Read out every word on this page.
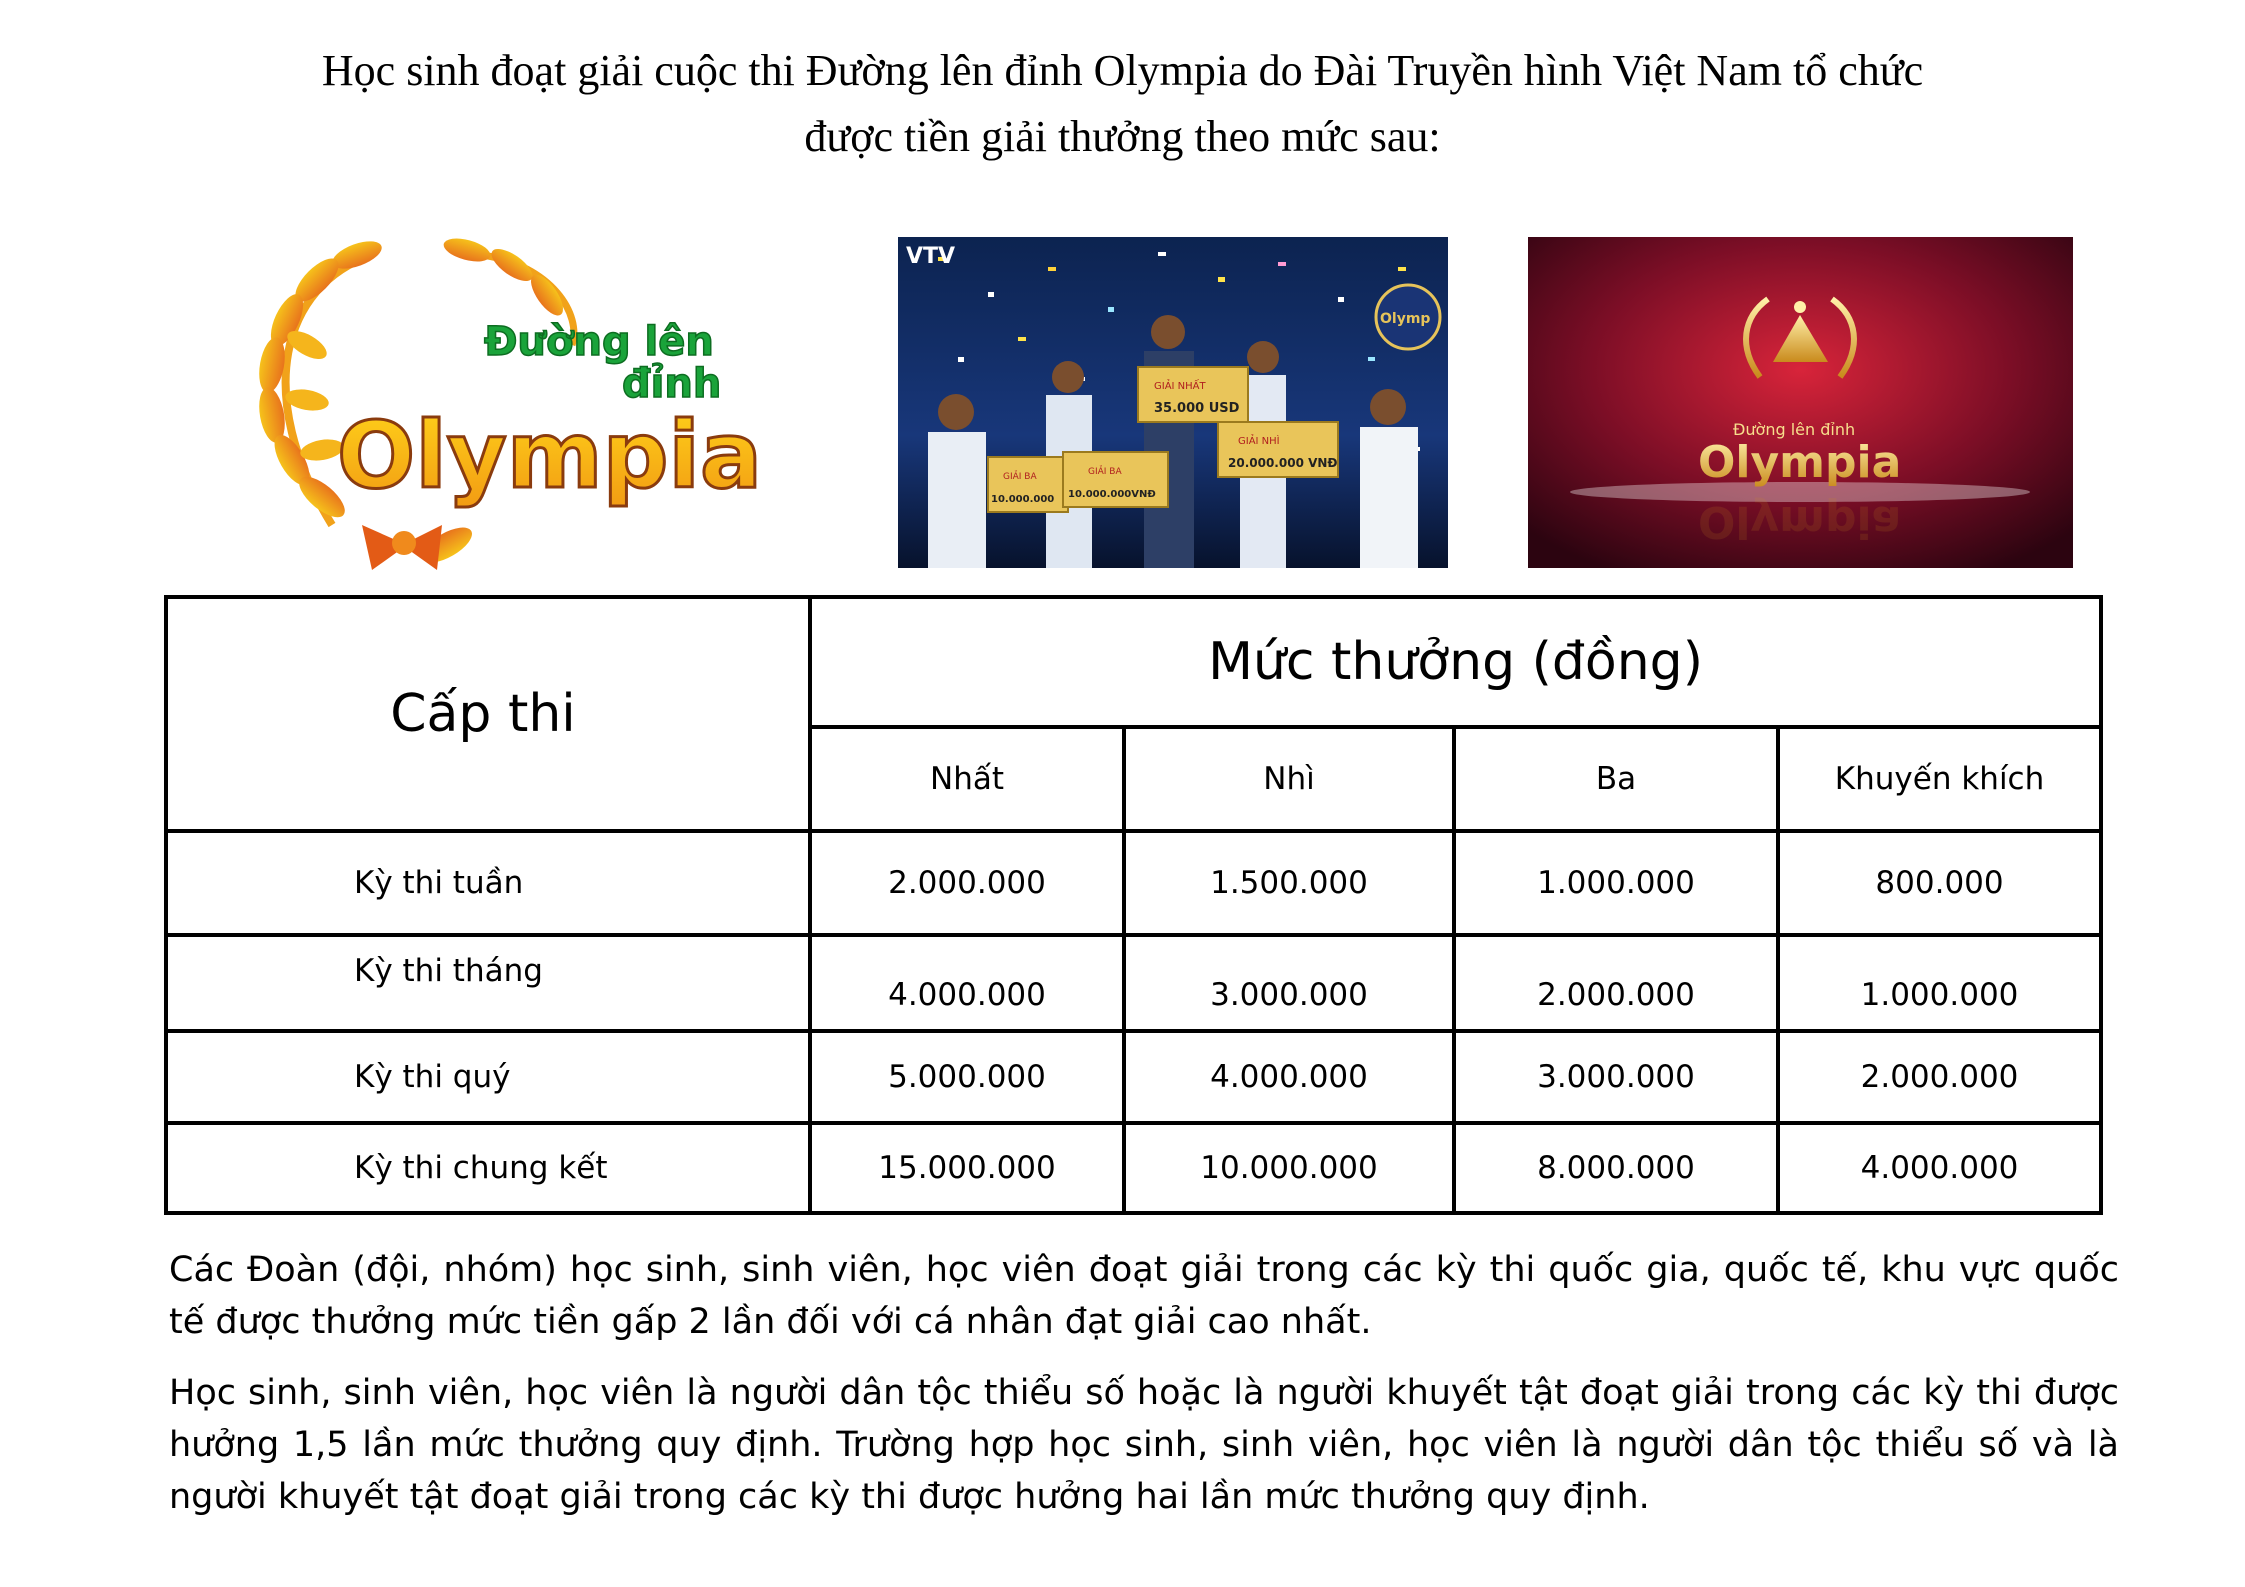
Học sinh đoạt giải cuộc thi Đường lên đỉnh Olympia do Đài Truyền hình Việt Nam tổ chức
được tiền giải thưởng theo mức sau:
Đường lên
đỉnh
Olympia
VTV
GIẢI NHẤT
35.000 USD
GIẢI NHÌ
20.000.000 VNĐ
GIẢI BA
10.000.000
GIẢI BA
10.000.000VNĐ
Olymp
Đường lên đỉnh
Olympia
Olympia
Cấp thi	Mức thưởng (đồng)			
	Nhất	Nhì	Ba	Khuyến khích
Kỳ thi tuần	2.000.000	1.500.000	1.000.000	800.000
Kỳ thi tháng	4.000.000	3.000.000	2.000.000	1.000.000
Kỳ thi quý	5.000.000	4.000.000	3.000.000	2.000.000
Kỳ thi chung kết	15.000.000	10.000.000	8.000.000	4.000.000

Các Đoàn (đội, nhóm) học sinh, sinh viên, học viên đoạt giải trong các kỳ thi quốc gia, quốc tế, khu vực quốc tế được thưởng mức tiền gấp 2 lần đối với cá nhân đạt giải cao nhất.

Học sinh, sinh viên, học viên là người dân tộc thiểu số hoặc là người khuyết tật đoạt giải trong các kỳ thi được hưởng 1,5 lần mức thưởng quy định. Trường hợp học sinh, sinh viên, học viên là người dân tộc thiểu số và là người khuyết tật đoạt giải trong các kỳ thi được hưởng hai lần mức thưởng quy định.
